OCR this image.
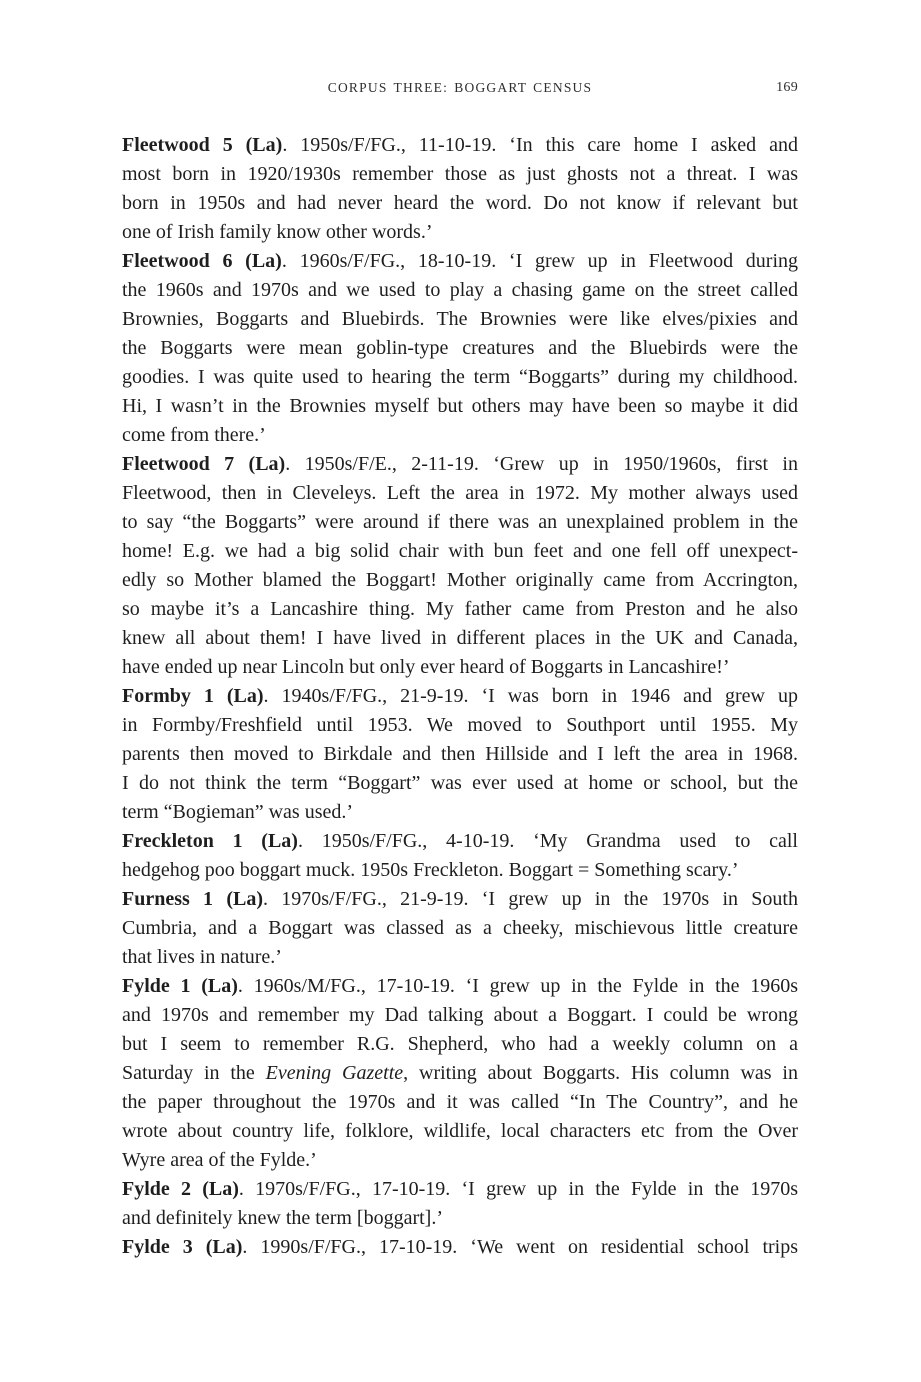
CORPUS THREE: BOGGART CENSUS	169

Fleetwood 5 (La). 1950s/F/FG., 11-10-19. ‘In this care home I asked and
most born in 1920/1930s remember those as just ghosts not a threat. I was
born in 1950s and had never heard the word. Do not know if relevant but
one of Irish family know other words.’

Fleetwood 6 (La). 1960s/F/FG., 18-10-19. ‘I grew up in Fleetwood during
the 1960s and 1970s and we used to play a chasing game on the street called
Brownies, Boggarts and Bluebirds. The Brownies were like elves/pixies and
the Boggarts were mean goblin-type creatures and the Bluebirds were the
goodies. I was quite used to hearing the term “Boggarts” during my childhood.
Hi, I wasn’t in the Brownies myself but others may have been so maybe it did
come from there.’

Fleetwood 7 (La). 1950s/F/E., 2-11-19. ‘Grew up in 1950/1960s, first in
Fleetwood, then in Cleveleys. Left the area in 1972. My mother always used
to say “the Boggarts” were around if there was an unexplained problem in the
home! E.g. we had a big solid chair with bun feet and one fell off unexpect-
edly so Mother blamed the Boggart! Mother originally came from Accrington,
so maybe it’s a Lancashire thing. My father came from Preston and he also
knew all about them! I have lived in different places in the UK and Canada,
have ended up near Lincoln but only ever heard of Boggarts in Lancashire!’

Formby 1 (La). 1940s/F/FG., 21-9-19. ‘I was born in 1946 and grew up
in Formby/Freshfield until 1953. We moved to Southport until 1955. My
parents then moved to Birkdale and then Hillside and I left the area in 1968.
I do not think the term “Boggart” was ever used at home or school, but the
term “Bogieman” was used.’

Freckleton 1 (La). 1950s/F/FG., 4-10-19. ‘My Grandma used to call
hedgehog poo boggart muck. 1950s Freckleton. Boggart = Something scary.’

Furness 1 (La). 1970s/F/FG., 21-9-19. ‘I grew up in the 1970s in South
Cumbria, and a Boggart was classed as a cheeky, mischievous little creature
that lives in nature.’

Fylde 1 (La). 1960s/M/FG., 17-10-19. ‘I grew up in the Fylde in the 1960s
and 1970s and remember my Dad talking about a Boggart. I could be wrong
but I seem to remember R.G. Shepherd, who had a weekly column on a
Saturday in the Evening Gazette, writing about Boggarts. His column was in
the paper throughout the 1970s and it was called “In The Country”, and he
wrote about country life, folklore, wildlife, local characters etc from the Over
Wyre area of the Fylde.’

Fylde 2 (La). 1970s/F/FG., 17-10-19. ‘I grew up in the Fylde in the 1970s
and definitely knew the term [boggart].’

Fylde 3 (La). 1990s/F/FG., 17-10-19. ‘We went on residential school trips
